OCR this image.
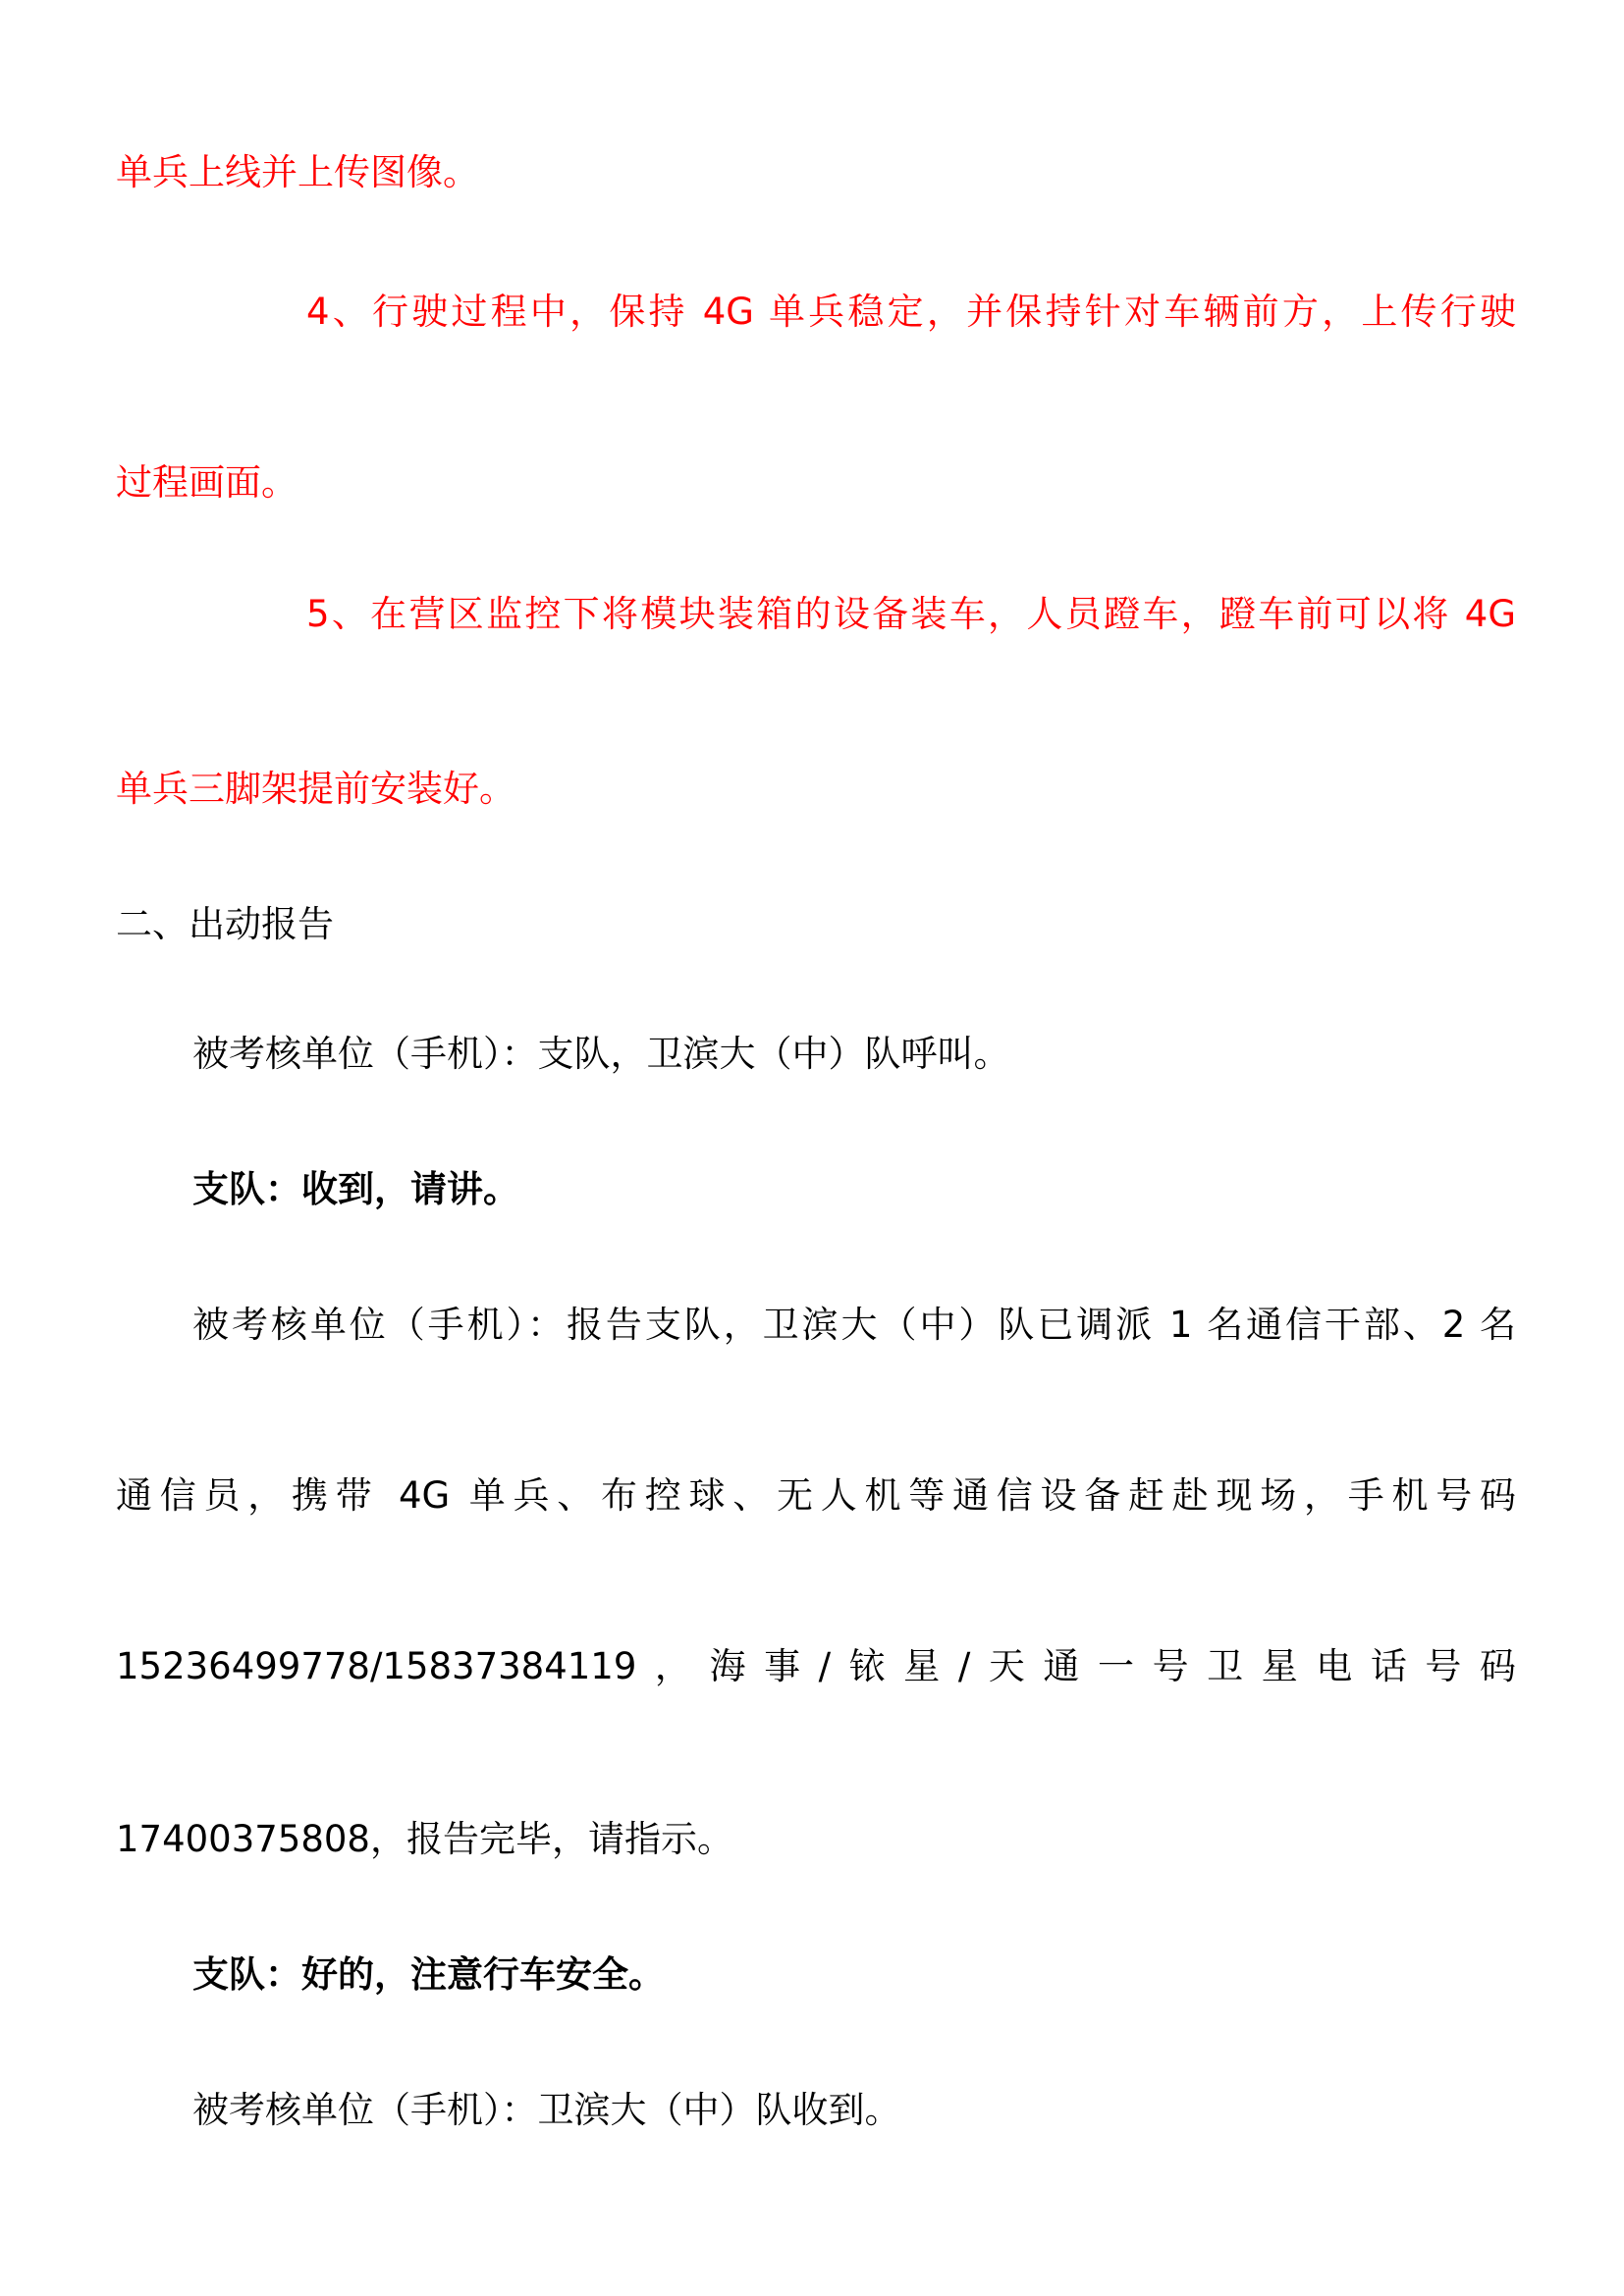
单兵上线并上传图像。
4、行驶过程中，保持 4G 单兵稳定，并保持针对车辆前方，上传行驶
过程画面。
5、在营区监控下将模块装箱的设备装车，人员蹬车，蹬车前可以将 4G
单兵三脚架提前安装好。
二、出动报告
被考核单位（手机）：支队，卫滨大（中）队呼叫。
支队：收到，请讲。
被考核单位（手机）：报告支队，卫滨大（中）队已调派 1 名通信干部、2 名
通信员，携带 4G 单兵、布控球、无人机等通信设备赶赴现场，手机号码
15236499778/15837384119，海事/铱星/天通一号卫星电话号码
17400375808，报告完毕，请指示。
支队：好的，注意行车安全。
被考核单位（手机）：卫滨大（中）队收到。
